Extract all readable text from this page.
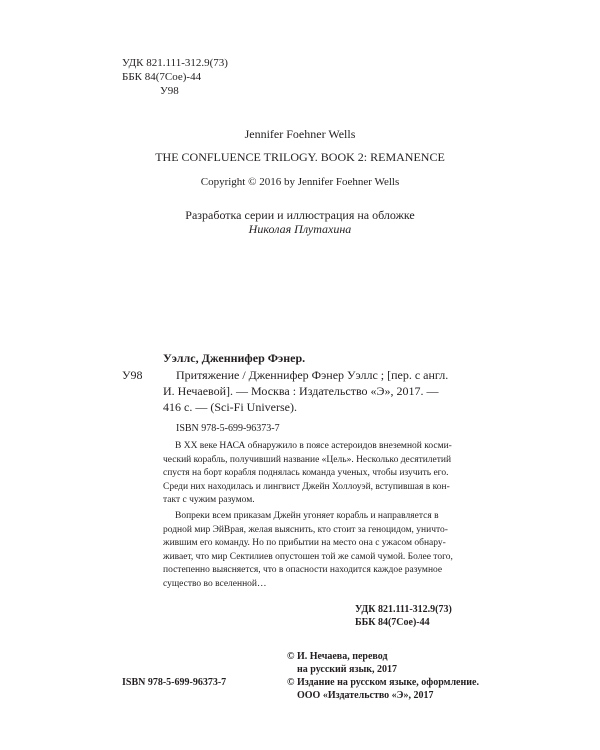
УДК 821.111-312.9(73)
ББК 84(7Сое)-44
У98
Jennifer Foehner Wells
THE CONFLUENCE TRILOGY. BOOK 2: REMANENCE
Copyright © 2016 by Jennifer Foehner Wells
Разработка серии и иллюстрация на обложке
Николая Плутахина
Уэллс, Дженнифер Фэнер.
У98	Притяжение / Дженнифер Фэнер Уэллс ; [пер. с англ.
И. Нечаевой]. — Москва : Издательство «Э», 2017. —
416 с. — (Sci-Fi Universe).
ISBN 978-5-699-96373-7

В XX веке НАСА обнаружило в поясе астероидов внеземной косми-

ческий корабль, получивший название «Цель». Несколько десятилетий

спустя на борт корабля поднялась команда ученых, чтобы изучить его.

Среди них находилась и лингвист Джейн Холлоуэй, вступившая в кон-

такт с чужим разумом.

Вопреки всем приказам Джейн угоняет корабль и направляется в

родной мир ЭйВрая, желая выяснить, кто стоит за геноцидом, уничто-

жившим его команду. Но по прибытии на место она с ужасом обнару-

живает, что мир Сектилиев опустошен той же самой чумой. Более того,

постепенно выясняется, что в опасности находится каждое разумное

существо во вселенной…

УДК 821.111-312.9(73)
ББК 84(7Сое)-44
© И. Нечаева, перевод
на русский язык, 2017
ISBN 978-5-699-96373-7	© Издание на русском языке, оформление.
ООО «Издательство «Э», 2017
